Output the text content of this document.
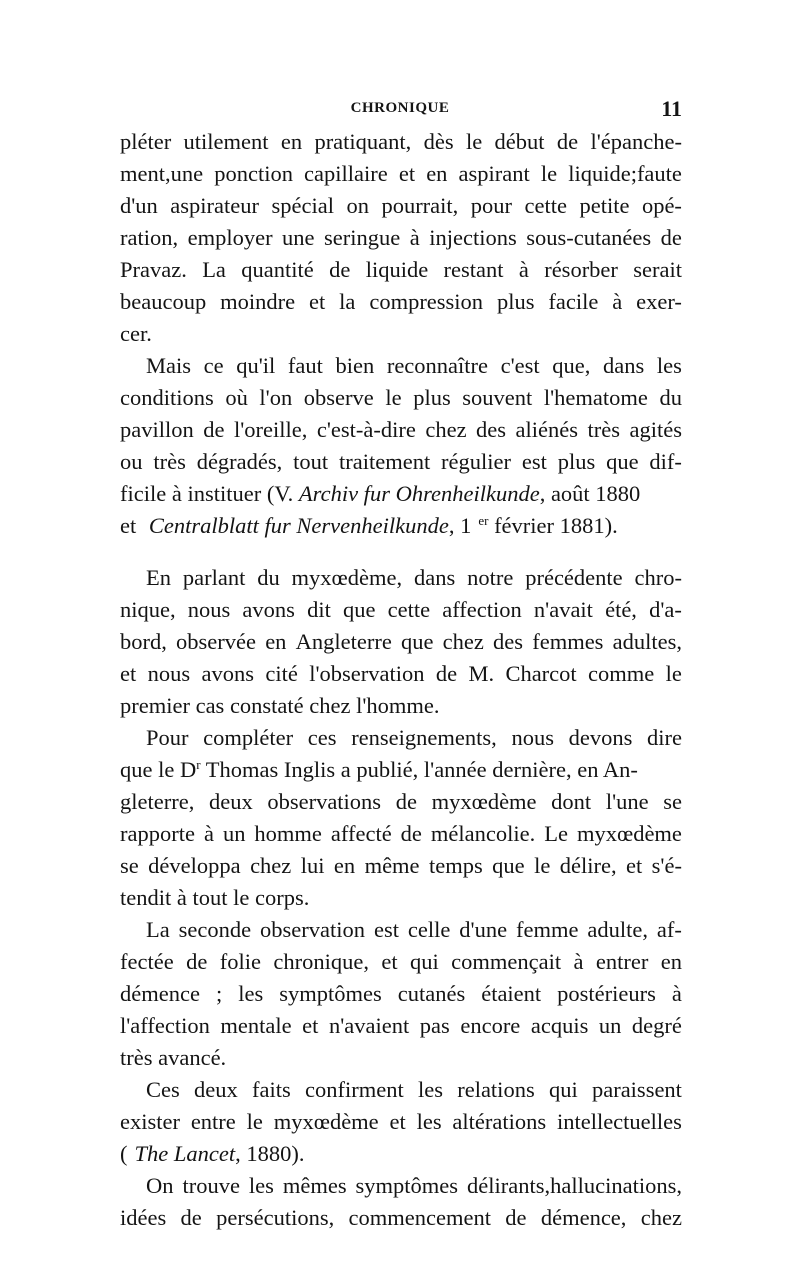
CHRONIQUE	11
pléter utilement en pratiquant, dès le début de l'épanche-
ment,une ponction capillaire et en aspirant le liquide;faute
d'un aspirateur spécial on pourrait, pour cette petite opé-
ration, employer une seringue à injections sous-cutanées de
Pravaz. La quantité de liquide restant à résorber serait
beaucoup moindre et la compression plus facile à exer-
cer.
Mais ce qu'il faut bien reconnaître c'est que, dans les
conditions où l'on observe le plus souvent l'hematome du
pavillon de l'oreille, c'est-à-dire chez des aliénés très agités
ou très dégradés, tout traitement régulier est plus que dif-
ficile à instituer (V. Archiv fur Ohrenheilkunde, août 1880
et Centralblatt fur Nervenheilkunde, 1 $^{er}$ février 1881).
En parlant du myxœdème, dans notre précédente chro-
nique, nous avons dit que cette affection n'avait été, d'a-
bord, observée en Angleterre que chez des femmes adultes,
et nous avons cité l'observation de M. Charcot comme le
premier cas constaté chez l'homme.
Pour compléter ces renseignements, nous devons dire
que le $D^r$ Thomas Inglis a publié, l'année dernière, en An-
gleterre, deux observations de myxœdème dont l'une se
rapporte à un homme affecté de mélancolie. Le myxœdème
se développa chez lui en même temps que le délire, et s'é-
tendit à tout le corps.
La seconde observation est celle d'une femme adulte, af-
fectée de folie chronique, et qui commençait à entrer en
démence ; les symptômes cutanés étaient postérieurs à
l'affection mentale et n'avaient pas encore acquis un degré
très avancé.
Ces deux faits confirment les relations qui paraissent
exister entre le myxœdème et les altérations intellectuelles
( The Lancet, 1880).
On trouve les mêmes symptômes délirants,hallucinations,
idées de persécutions, commencement de démence, chez
